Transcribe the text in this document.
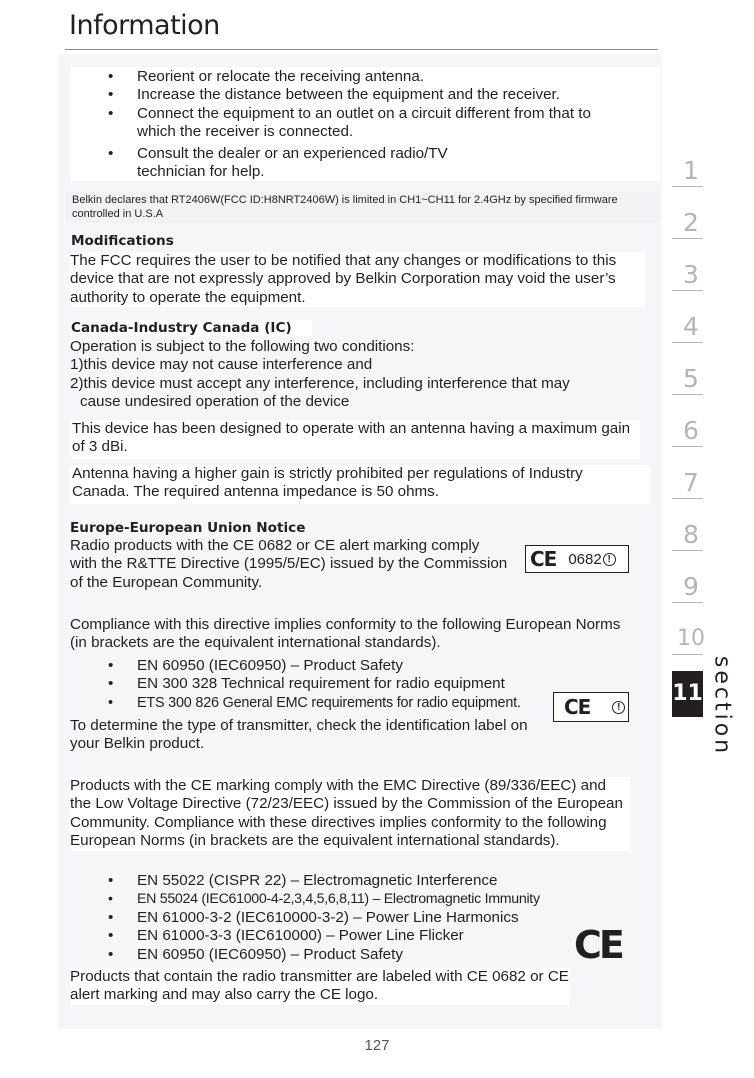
Information
• Reorient or relocate the receiving antenna.
• Increase the distance between the equipment and the receiver.
• Connect the equipment to an outlet on a circuit different from that to which the receiver is connected.
• Consult the dealer or an experienced radio/TV technician for help.
Belkin declares that RT2406W(FCC ID:H8NRT2406W) is limited in CH1~CH11 for 2.4GHz by specified firmware controlled in U.S.A
Modifications
The FCC requires the user to be notified that any changes or modifications to this device that are not expressly approved by Belkin Corporation may void the user’s authority to operate the equipment.
Canada-Industry Canada (IC)
Operation is subject to the following two conditions:
1)this device may not cause interference and
2)this device must accept any interference, including interference that may
cause undesired operation of the device
This device has been designed to operate with an antenna having a maximum gain of 3 dBi.
Antenna having a higher gain is strictly prohibited per regulations of Industry Canada. The required antenna impedance is 50 ohms.
Europe-European Union Notice
Radio products with the CE 0682 or CE alert marking comply with the R&TTE Directive (1995/5/EC) issued by the Commission of the European Community.
CE 0682 !
Compliance with this directive implies conformity to the following European Norms (in brackets are the equivalent international standards).
• EN 60950 (IEC60950) – Product Safety
• EN 300 328 Technical requirement for radio equipment
• ETS 300 826 General EMC requirements for radio equipment.	CE	!
To determine the type of transmitter, check the identification label on your Belkin product.
Products with the CE marking comply with the EMC Directive (89/336/EEC) and the Low Voltage Directive (72/23/EEC) issued by the Commission of the European Community. Compliance with these directives implies conformity to the following European Norms (in brackets are the equivalent international standards).
• EN 55022 (CISPR 22) – Electromagnetic Interference
• EN 55024 (IEC61000-4-2,3,4,5,6,8,11) – Electromagnetic Immunity
• EN 61000-3-2 (IEC610000-3-2) – Power Line Harmonics
• EN 61000-3-3 (IEC610000) – Power Line Flicker
• EN 60950 (IEC60950) – Product Safety	CE
Products that contain the radio transmitter are labeled with CE 0682 or CE alert marking and may also carry the CE logo.
1
2
3
4
5
6
7
8
9
10
11 section
127
